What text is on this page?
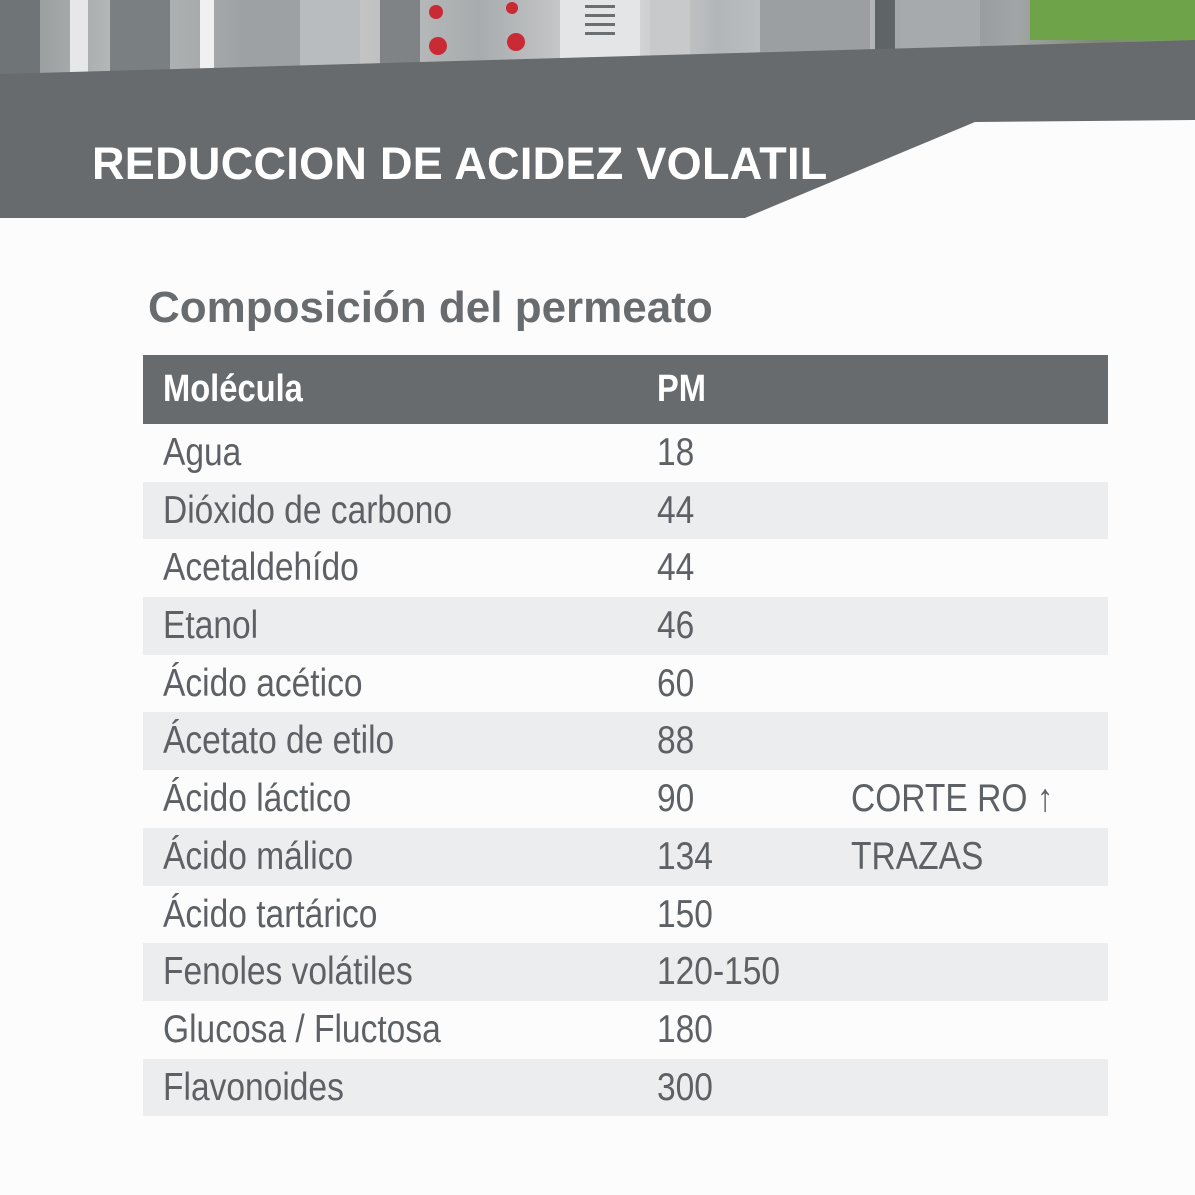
REDUCCION DE ACIDEZ VOLATIL
Composición del permeato
Molécula	PM
Agua	18
Dióxido de carbono	44
Acetaldehído	44
Etanol	46
Ácido acético	60
Ácetato de etilo	88
Ácido láctico	90	CORTE RO ↑
Ácido málico	134	TRAZAS
Ácido tartárico	150
Fenoles volátiles	120-150
Glucosa / Fluctosa	180
Flavonoides	300
